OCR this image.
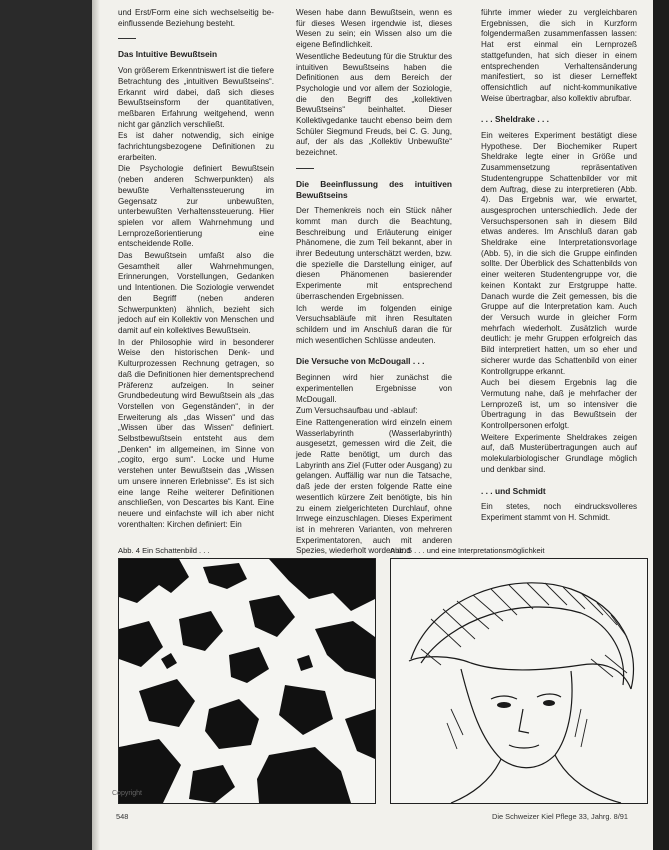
und Erst/Form eine sich wechselseitig be-einflussende Beziehung besteht.

Das Intuitive Bewußtsein

Von größerem Erkenntniswert ist die tiefere Betrachtung des „intuitiven Bewußtseins“. Erkannt wird dabei, daß sich dieses Bewußtseinsform der quantitativen, meßbaren Erfahrung weitgehend, wenn nicht gar gänzlich verschließt.

Es ist daher notwendig, sich einige fachrichtungsbezogene Definitionen zu erarbeiten.

Die Psychologie definiert Bewußtsein (neben anderen Schwerpunkten) als bewußte Verhaltenssteuerung im Gegensatz zur unbewußten, unterbewußten Verhaltenssteuerung. Hier spielen vor allem Wahrnehmung und Lernprozeßorientierung eine entscheidende Rolle.

Das Bewußtsein umfaßt also die Gesamtheit aller Wahrnehmungen, Erinnerungen, Vorstellungen, Gedanken und Intentionen. Die Soziologie verwendet den Begriff (neben anderen Schwerpunkten) ähnlich, bezieht sich jedoch auf ein Kollektiv von Menschen und damit auf ein kollektives Bewußtsein.

In der Philosophie wird in besonderer Weise den historischen Denk- und Kulturprozessen Rechnung getragen, so daß die Definitionen hier dementsprechend Präferenz aufzeigen. In seiner Grundbedeutung wird Bewußtsein als „das Vorstellen von Gegenständen“, in der Erweiterung als „das Wissen“ und das „Wissen über das Wissen“ definiert. Selbstbewußtsein entsteht aus dem „Denken“ im allgemeinen, im Sinne von „cogito, ergo sum“. Locke und Hume verstehen unter Bewußtsein das „Wissen um unsere inneren Erlebnisse“. Es ist sich eine lange Reihe weiterer Definitionen anschließen, von Descartes bis Kant. Eine neuere und einfachste will ich aber nicht vorenthalten: Kirchen definiert: Ein

Wesen habe dann Bewußtsein, wenn es für dieses Wesen irgendwie ist, dieses Wesen zu sein; ein Wissen also um die eigene Befindlichkeit.

Wesentliche Bedeutung für die Struktur des intuitiven Bewußtseins haben die Definitionen aus dem Bereich der Psychologie und vor allem der Soziologie, die den Begriff des „kollektiven Bewußtseins“ beinhaltet. Dieser Kollektivgedanke taucht ebenso beim dem Schüler Siegmund Freuds, bei C. G. Jung, auf, der als das „Kollektiv Unbewußte“ bezeichnet.

Die Beeinflussung des intuitiven Bewußtseins

Der Themenkreis noch ein Stück näher kommt man durch die Beachtung, Beschreibung und Erläuterung einiger Phänomene, die zum Teil bekannt, aber in ihrer Bedeutung unterschätzt werden, bzw. die spezielle die Darstellung einiger, auf diesen Phänomenen basierender Experimente mit entsprechend überraschenden Ergebnissen.

Ich werde im folgenden einige Versuchsabläufe mit ihren Resultaten schildern und im Anschluß daran die für mich wesentlichen Schlüsse andeuten.

Die Versuche von McDougall . . .

Beginnen wird hier zunächst die experimentellen Ergebnisse von McDougall.

Zum Versuchsaufbau und -ablauf:

Eine Rattengeneration wird einzeln einem Wasserlabyrinth (Wasserlabyrinth) ausgesetzt, gemessen wird die Zeit, die jede Ratte benötigt, um durch das Labyrinth ans Ziel (Futter oder Ausgang) zu gelangen. Auffällig war nun die Tatsache, daß jede der ersten folgende Ratte eine wesentlich kürzere Zeit benötigte, bis hin zu einem zielgerichteten Durchlauf, ohne Irrwege einzuschlagen. Dieses Experiment ist in mehreren Varianten, von mehreren Experimentatoren, auch mit anderen Spezies, wiederholt worden und

führte immer wieder zu vergleichbaren Ergebnissen, die sich in Kurzform folgendermaßen zusammenfassen lassen: Hat erst einmal ein Lernprozeß stattgefunden, hat sich dieser in einem entsprechenden Verhaltensänderung manifestiert, so ist dieser Lerneffekt offensichtlich auf nicht-kommunikative Weise übertragbar, also kollektiv abrufbar.

. . . Sheldrake . . .

Ein weiteres Experiment bestätigt diese Hypothese. Der Biochemiker Rupert Sheldrake legte einer in Größe und Zusammensetzung repräsentativen Studentengruppe Schattenbilder vor mit dem Auftrag, diese zu interpretieren (Abb. 4). Das Ergebnis war, wie erwartet, ausgesprochen unterschiedlich. Jede der Versuchspersonen sah in diesem Bild etwas anderes. Im Anschluß daran gab Sheldrake eine Interpretationsvorlage (Abb. 5), in die sich die Gruppe einfinden sollte. Der Überblick des Schattenbilds von einer weiteren Studentengruppe vor, die keinen Kontakt zur Erstgruppe hatte. Danach wurde die Zeit gemessen, bis die Gruppe auf die Interpretation kam. Auch der Versuch wurde in gleicher Form mehrfach wiederholt. Zusätzlich wurde deutlich: je mehr Gruppen erfolgreich das Bild interpretiert hatten, um so eher und sicherer wurde das Schattenbild von einer Kontrollgruppe erkannt.

Auch bei diesem Ergebnis lag die Vermutung nahe, daß je mehrfacher der Lernprozeß ist, um so intensiver die Übertragung in das Bewußtsein der Kontrollpersonen erfolgt.

Weitere Experimente Sheldrakes zeigen auf, daß Musterübertragungen auch auf molekularbiologischer Grundlage möglich und denkbar sind.

. . . und Schmidt

Ein stetes, noch eindrucksvolleres Experiment stammt von H. Schmidt.

Abb. 4 Ein Schattenbild . . .	Abb. 5 . . . und eine Interpretationsmöglichkeit
Copyright
548	Die Schweizer Kiel Pflege 33, Jahrg. 8/91
